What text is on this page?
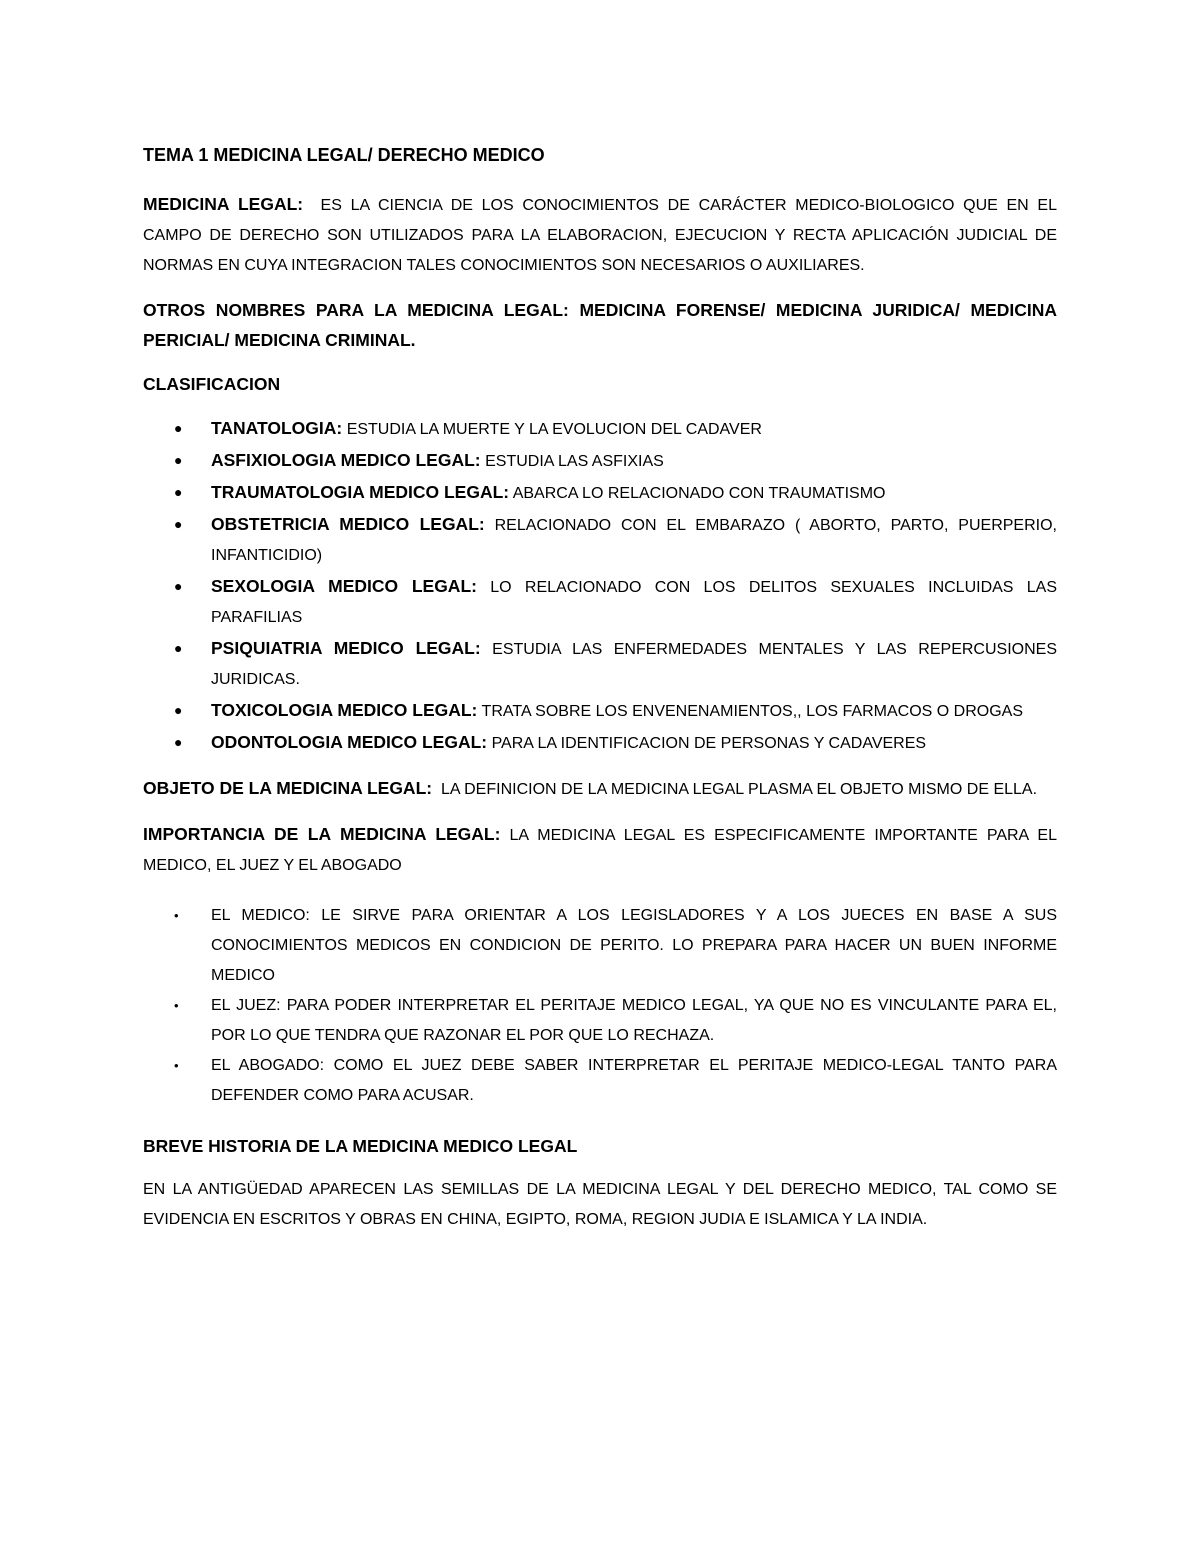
TEMA 1 MEDICINA LEGAL/ DERECHO MEDICO

MEDICINA LEGAL: ES LA CIENCIA DE LOS CONOCIMIENTOS DE CARÁCTER MEDICO-BIOLOGICO QUE EN EL CAMPO DE DERECHO SON UTILIZADOS PARA LA ELABORACION, EJECUCION Y RECTA APLICACIÓN JUDICIAL DE NORMAS EN CUYA INTEGRACION TALES CONOCIMIENTOS SON NECESARIOS O AUXILIARES.

OTROS NOMBRES PARA LA MEDICINA LEGAL: MEDICINA FORENSE/ MEDICINA JURIDICA/ MEDICINA PERICIAL/ MEDICINA CRIMINAL.
CLASIFICACION
● TANATOLOGIA: ESTUDIA LA MUERTE Y LA EVOLUCION DEL CADAVER
● ASFIXIOLOGIA MEDICO LEGAL: ESTUDIA LAS ASFIXIAS
● TRAUMATOLOGIA MEDICO LEGAL: ABARCA LO RELACIONADO CON TRAUMATISMO
● OBSTETRICIA MEDICO LEGAL: RELACIONADO CON EL EMBARAZO ( ABORTO, PARTO, PUERPERIO, INFANTICIDIO)
● SEXOLOGIA MEDICO LEGAL: LO RELACIONADO CON LOS DELITOS SEXUALES INCLUIDAS LAS PARAFILIAS
● PSIQUIATRIA MEDICO LEGAL: ESTUDIA LAS ENFERMEDADES MENTALES Y LAS REPERCUSIONES JURIDICAS.
● TOXICOLOGIA MEDICO LEGAL: TRATA SOBRE LOS ENVENENAMIENTOS,, LOS FARMACOS O DROGAS
● ODONTOLOGIA MEDICO LEGAL: PARA LA IDENTIFICACION DE PERSONAS Y CADAVERES

OBJETO DE LA MEDICINA LEGAL: LA DEFINICION DE LA MEDICINA LEGAL PLASMA EL OBJETO MISMO DE ELLA.

IMPORTANCIA DE LA MEDICINA LEGAL: LA MEDICINA LEGAL ES ESPECIFICAMENTE IMPORTANTE PARA EL MEDICO, EL JUEZ Y EL ABOGADO

• EL MEDICO: LE SIRVE PARA ORIENTAR A LOS LEGISLADORES Y A LOS JUECES EN BASE A SUS CONOCIMIENTOS MEDICOS EN CONDICION DE PERITO. LO PREPARA PARA HACER UN BUEN INFORME MEDICO
• EL JUEZ: PARA PODER INTERPRETAR EL PERITAJE MEDICO LEGAL, YA QUE NO ES VINCULANTE PARA EL, POR LO QUE TENDRA QUE RAZONAR EL POR QUE LO RECHAZA.
• EL ABOGADO: COMO EL JUEZ DEBE SABER INTERPRETAR EL PERITAJE MEDICO-LEGAL TANTO PARA DEFENDER COMO PARA ACUSAR.
BREVE HISTORIA DE LA MEDICINA MEDICO LEGAL

EN LA ANTIGÜEDAD APARECEN LAS SEMILLAS DE LA MEDICINA LEGAL Y DEL DERECHO MEDICO, TAL COMO SE EVIDENCIA EN ESCRITOS Y OBRAS EN CHINA, EGIPTO, ROMA, REGION JUDIA E ISLAMICA Y LA INDIA.
